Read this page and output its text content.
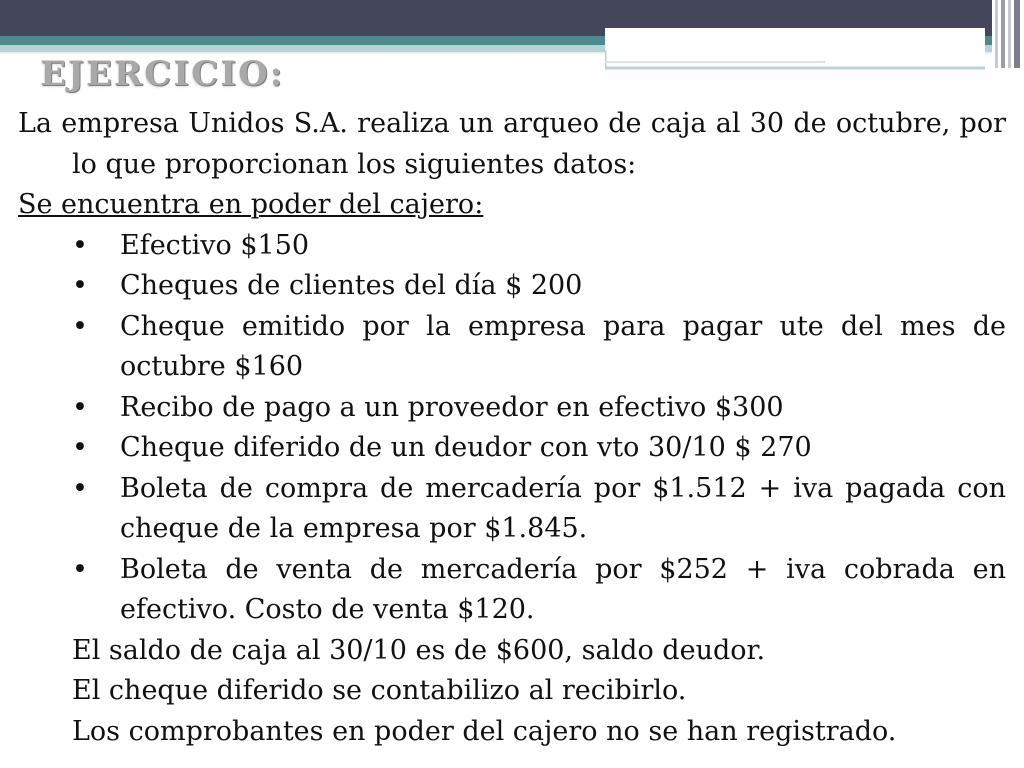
EJERCICIO:

La empresa Unidos S.A. realiza un arqueo de caja al 30 de octubre, por lo que proporcionan los siguientes datos:

Se encuentra en poder del cajero:

• Efectivo $150
• Cheques de clientes del día $ 200
• Cheque emitido por la empresa para pagar ute del mes de octubre $160
• Recibo de pago a un proveedor en efectivo $300
• Cheque diferido de un deudor con vto 30/10 $ 270
• Boleta de compra de mercadería por $1.512 + iva pagada con cheque de la empresa por $1.845.
• Boleta de venta de mercadería por $252 + iva cobrada en efectivo. Costo de venta $120.

El saldo de caja al 30/10 es de $600, saldo deudor.

El cheque diferido se contabilizo al recibirlo.

Los comprobantes en poder del cajero no se han registrado.
